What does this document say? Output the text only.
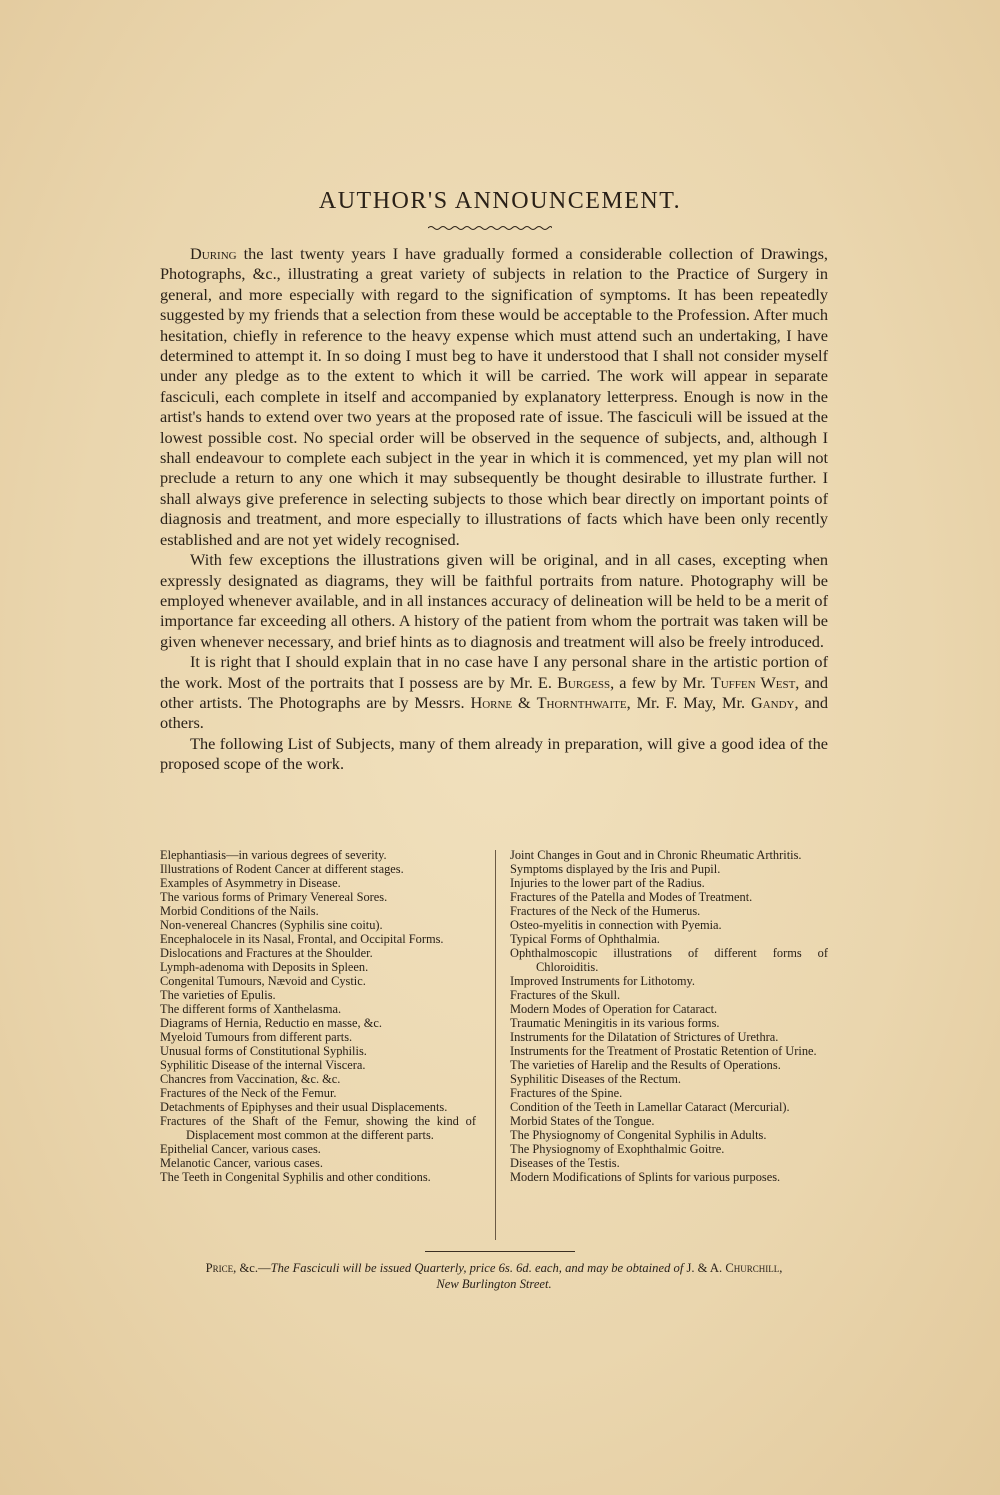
AUTHOR'S ANNOUNCEMENT.

During the last twenty years I have gradually formed a considerable collection of Drawings, Photographs, &c., illustrating a great variety of subjects in relation to the Practice of Surgery in general, and more especially with regard to the signification of symptoms. It has been repeatedly suggested by my friends that a selection from these would be acceptable to the Profession. After much hesitation, chiefly in reference to the heavy expense which must attend such an undertaking, I have determined to attempt it. In so doing I must beg to have it understood that I shall not consider myself under any pledge as to the extent to which it will be carried. The work will appear in separate fasciculi, each complete in itself and accompanied by explanatory letterpress. Enough is now in the artist's hands to extend over two years at the proposed rate of issue. The fasciculi will be issued at the lowest possible cost. No special order will be observed in the sequence of subjects, and, although I shall endeavour to complete each subject in the year in which it is commenced, yet my plan will not preclude a return to any one which it may subsequently be thought desirable to illustrate further. I shall always give preference in selecting subjects to those which bear directly on important points of diagnosis and treatment, and more especially to illustrations of facts which have been only recently established and are not yet widely recognised.

With few exceptions the illustrations given will be original, and in all cases, excepting when expressly designated as diagrams, they will be faithful portraits from nature. Photography will be employed whenever available, and in all instances accuracy of delineation will be held to be a merit of importance far exceeding all others. A history of the patient from whom the portrait was taken will be given whenever necessary, and brief hints as to diagnosis and treatment will also be freely introduced.

It is right that I should explain that in no case have I any personal share in the artistic portion of the work. Most of the portraits that I possess are by Mr. E. Burgess, a few by Mr. Tuffen West, and other artists. The Photographs are by Messrs. Horne & Thornthwaite, Mr. F. May, Mr. Gandy, and others.

The following List of Subjects, many of them already in preparation, will give a good idea of the proposed scope of the work.

Elephantiasis—in various degrees of severity.
Illustrations of Rodent Cancer at different stages.
Examples of Asymmetry in Disease.
The various forms of Primary Venereal Sores.
Morbid Conditions of the Nails.
Non-venereal Chancres (Syphilis sine coitu).
Encephalocele in its Nasal, Frontal, and Occipital Forms.
Dislocations and Fractures at the Shoulder.
Lymph-adenoma with Deposits in Spleen.
Congenital Tumours, Nævoid and Cystic.
The varieties of Epulis.
The different forms of Xanthelasma.
Diagrams of Hernia, Reductio en masse, &c.
Myeloid Tumours from different parts.
Unusual forms of Constitutional Syphilis.
Syphilitic Disease of the internal Viscera.
Chancres from Vaccination, &c. &c.
Fractures of the Neck of the Femur.
Detachments of Epiphyses and their usual Displacements.
Fractures of the Shaft of the Femur, showing the kind of Displacement most common at the different parts.
Epithelial Cancer, various cases.
Melanotic Cancer, various cases.
The Teeth in Congenital Syphilis and other conditions.
Joint Changes in Gout and in Chronic Rheumatic Arthritis.
Symptoms displayed by the Iris and Pupil.
Injuries to the lower part of the Radius.
Fractures of the Patella and Modes of Treatment.
Fractures of the Neck of the Humerus.
Osteo-myelitis in connection with Pyemia.
Typical Forms of Ophthalmia.
Ophthalmoscopic illustrations of different forms of Chloroiditis.
Improved Instruments for Lithotomy.
Fractures of the Skull.
Modern Modes of Operation for Cataract.
Traumatic Meningitis in its various forms.
Instruments for the Dilatation of Strictures of Urethra.
Instruments for the Treatment of Prostatic Retention of Urine.
The varieties of Harelip and the Results of Operations.
Syphilitic Diseases of the Rectum.
Fractures of the Spine.
Condition of the Teeth in Lamellar Cataract (Mercurial).
Morbid States of the Tongue.
The Physiognomy of Congenital Syphilis in Adults.
The Physiognomy of Exophthalmic Goitre.
Diseases of the Testis.
Modern Modifications of Splints for various purposes.
Price, &c.—The Fasciculi will be issued Quarterly, price 6s. 6d. each, and may be obtained of J. & A. Churchill,
New Burlington Street.
